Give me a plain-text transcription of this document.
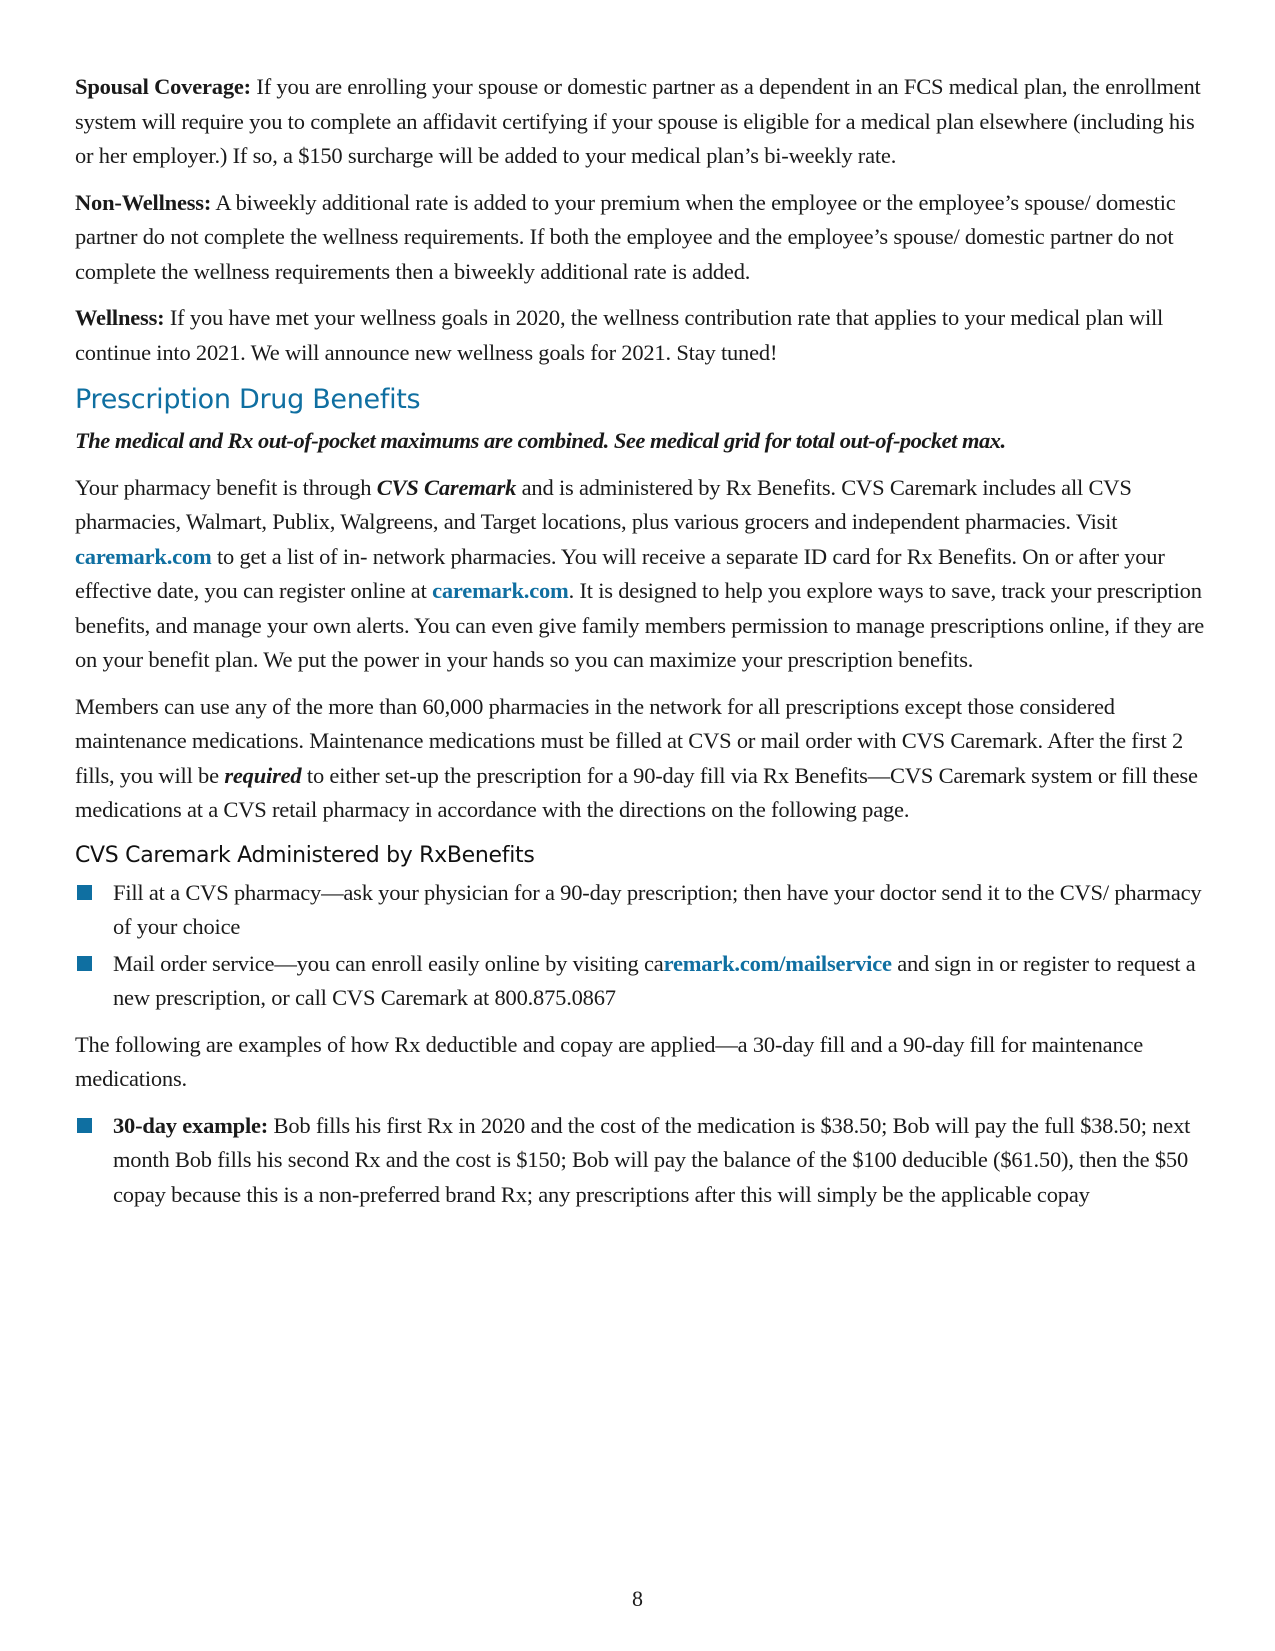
Spousal Coverage: If you are enrolling your spouse or domestic partner as a dependent in an FCS medical plan, the enrollment system will require you to complete an affidavit certifying if your spouse is eligible for a medical plan elsewhere (including his or her employer.) If so, a $150 surcharge will be added to your medical plan’s bi-weekly rate.

Non-Wellness: A biweekly additional rate is added to your premium when the employee or the employee’s spouse/ domestic partner do not complete the wellness requirements. If both the employee and the employee’s spouse/ domestic partner do not complete the wellness requirements then a biweekly additional rate is added.

Wellness: If you have met your wellness goals in 2020, the wellness contribution rate that applies to your medical plan will continue into 2021. We will announce new wellness goals for 2021. Stay tuned!

Prescription Drug Benefits

The medical and Rx out-of-pocket maximums are combined. See medical grid for total out-of-pocket max.

Your pharmacy benefit is through CVS Caremark and is administered by Rx Benefits. CVS Caremark includes all CVS pharmacies, Walmart, Publix, Walgreens, and Target locations, plus various grocers and independent pharmacies. Visit caremark.com to get a list of in- network pharmacies. You will receive a separate ID card for Rx Benefits. On or after your effective date, you can register online at caremark.com. It is designed to help you explore ways to save, track your prescription benefits, and manage your own alerts. You can even give family members permission to manage prescriptions online, if they are on your benefit plan. We put the power in your hands so you can maximize your prescription benefits.

Members can use any of the more than 60,000 pharmacies in the network for all prescriptions except those considered maintenance medications. Maintenance medications must be filled at CVS or mail order with CVS Caremark. After the first 2 fills, you will be required to either set-up the prescription for a 90-day fill via Rx Benefits—CVS Caremark system or fill these medications at a CVS retail pharmacy in accordance with the directions on the following page.

CVS Caremark Administered by RxBenefits
Fill at a CVS pharmacy—ask your physician for a 90-day prescription; then have your doctor send it to the CVS/ pharmacy of your choice
Mail order service—you can enroll easily online by visiting caremark.com/mailservice and sign in or register to request a new prescription, or call CVS Caremark at 800.875.0867

The following are examples of how Rx deductible and copay are applied—a 30-day fill and a 90-day fill for maintenance medications.

30-day example: Bob fills his first Rx in 2020 and the cost of the medication is $38.50; Bob will pay the full $38.50; next month Bob fills his second Rx and the cost is $150; Bob will pay the balance of the $100 deducible ($61.50), then the $50 copay because this is a non-preferred brand Rx; any prescriptions after this will simply be the applicable copay
8
